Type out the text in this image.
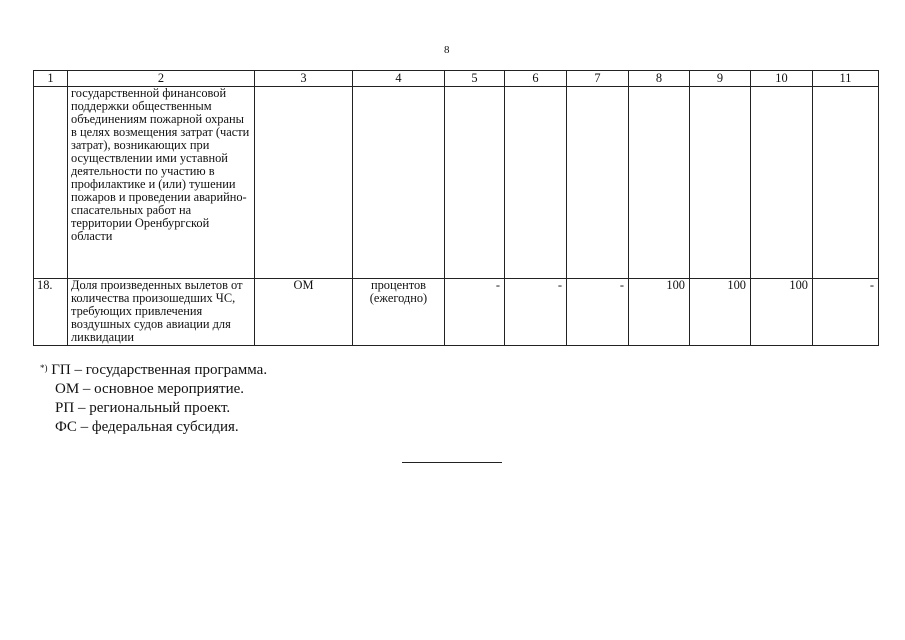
8
1	2	3	4	5	6	7	8	9	10	11
	государственной финансовой поддержки общественным объединениям пожарной охраны в целях возмещения затрат (части затрат), возникающих при осуществлении ими уставной деятельности по участию в профилактике и (или) тушении пожаров и проведении аварийно-спасательных работ на территории Оренбургской области									
18.	Доля произведенных вылетов от количества произошедших ЧС, требующих привлечения воздушных судов авиации для ликвидации	ОМ	процентов (ежегодно)	-	-	-	100	100	100	-
*) ГП – государственная программа.
ОМ – основное мероприятие.
РП – региональный проект.
ФС – федеральная субсидия.
